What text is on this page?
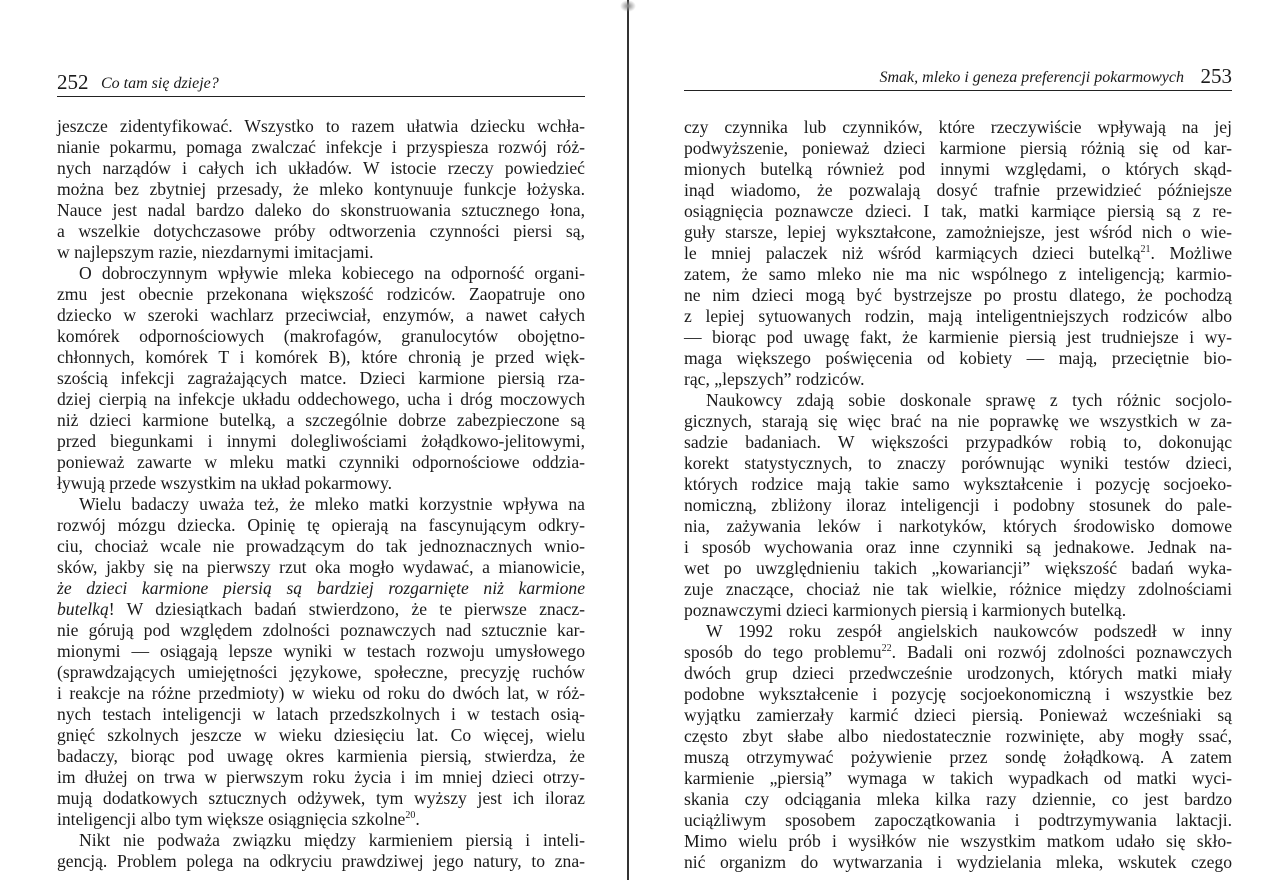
252 Co tam się dzieje?
jeszcze zidentyfikować. Wszystko to razem ułatwia dziecku wchła-
nianie pokarmu, pomaga zwalczać infekcje i przyspiesza rozwój róż-
nych narządów i całych ich układów. W istocie rzeczy powiedzieć
można bez zbytniej przesady, że mleko kontynuuje funkcje łożyska.
Nauce jest nadal bardzo daleko do skonstruowania sztucznego łona,
a wszelkie dotychczasowe próby odtworzenia czynności piersi są,
w najlepszym razie, niezdarnymi imitacjami.
O dobroczynnym wpływie mleka kobiecego na odporność organi-
zmu jest obecnie przekonana większość rodziców. Zaopatruje ono
dziecko w szeroki wachlarz przeciwciał, enzymów, a nawet całych
komórek odpornościowych (makrofagów, granulocytów obojętno-
chłonnych, komórek T i komórek B), które chronią je przed więk-
szością infekcji zagrażających matce. Dzieci karmione piersią rza-
dziej cierpią na infekcje układu oddechowego, ucha i dróg moczowych
niż dzieci karmione butelką, a szczególnie dobrze zabezpieczone są
przed biegunkami i innymi dolegliwościami żołądkowo-jelitowymi,
ponieważ zawarte w mleku matki czynniki odpornościowe oddzia-
ływują przede wszystkim na układ pokarmowy.
Wielu badaczy uważa też, że mleko matki korzystnie wpływa na
rozwój mózgu dziecka. Opinię tę opierają na fascynującym odkry-
ciu, chociaż wcale nie prowadzącym do tak jednoznacznych wnio-
sków, jakby się na pierwszy rzut oka mogło wydawać, a mianowicie,
że dzieci karmione piersią są bardziej rozgarnięte niż karmione
butelką! W dziesiątkach badań stwierdzono, że te pierwsze znacz-
nie górują pod względem zdolności poznawczych nad sztucznie kar-
mionymi — osiągają lepsze wyniki w testach rozwoju umysłowego
(sprawdzających umiejętności językowe, społeczne, precyzję ruchów
i reakcje na różne przedmioty) w wieku od roku do dwóch lat, w róż-
nych testach inteligencji w latach przedszkolnych i w testach osią-
gnięć szkolnych jeszcze w wieku dziesięciu lat. Co więcej, wielu
badaczy, biorąc pod uwagę okres karmienia piersią, stwierdza, że
im dłużej on trwa w pierwszym roku życia i im mniej dzieci otrzy-
mują dodatkowych sztucznych odżywek, tym wyższy jest ich iloraz
inteligencji albo tym większe osiągnięcia szkolne$^{20}$.
Nikt nie podważa związku między karmieniem piersią i inteli-
gencją. Problem polega na odkryciu prawdziwej jego natury, to zna-
Smak, mleko i geneza preferencji pokarmowych 253
czy czynnika lub czynników, które rzeczywiście wpływają na jej
podwyższenie, ponieważ dzieci karmione piersią różnią się od kar-
mionych butelką również pod innymi względami, o których skąd-
inąd wiadomo, że pozwalają dosyć trafnie przewidzieć późniejsze
osiągnięcia poznawcze dzieci. I tak, matki karmiące piersią są z re-
guły starsze, lepiej wykształcone, zamożniejsze, jest wśród nich o wie-
le mniej palaczek niż wśród karmiących dzieci butelką$^{21}$. Możliwe
zatem, że samo mleko nie ma nic wspólnego z inteligencją; karmio-
ne nim dzieci mogą być bystrzejsze po prostu dlatego, że pochodzą
z lepiej sytuowanych rodzin, mają inteligentniejszych rodziców albo
— biorąc pod uwagę fakt, że karmienie piersią jest trudniejsze i wy-
maga większego poświęcenia od kobiety — mają, przeciętnie bio-
rąc, „lepszych” rodziców.
Naukowcy zdają sobie doskonale sprawę z tych różnic socjolo-
gicznych, starają się więc brać na nie poprawkę we wszystkich w za-
sadzie badaniach. W większości przypadków robią to, dokonując
korekt statystycznych, to znaczy porównując wyniki testów dzieci,
których rodzice mają takie samo wykształcenie i pozycję socjoeko-
nomiczną, zbliżony iloraz inteligencji i podobny stosunek do pale-
nia, zażywania leków i narkotyków, których środowisko domowe
i sposób wychowania oraz inne czynniki są jednakowe. Jednak na-
wet po uwzględnieniu takich „kowariancji” większość badań wyka-
zuje znaczące, chociaż nie tak wielkie, różnice między zdolnościami
poznawczymi dzieci karmionych piersią i karmionych butelką.
W 1992 roku zespół angielskich naukowców podszedł w inny
sposób do tego problemu$^{22}$. Badali oni rozwój zdolności poznawczych
dwóch grup dzieci przedwcześnie urodzonych, których matki miały
podobne wykształcenie i pozycję socjoekonomiczną i wszystkie bez
wyjątku zamierzały karmić dzieci piersią. Ponieważ wcześniaki są
często zbyt słabe albo niedostatecznie rozwinięte, aby mogły ssać,
muszą otrzymywać pożywienie przez sondę żołądkową. A zatem
karmienie „piersią” wymaga w takich wypadkach od matki wyci-
skania czy odciągania mleka kilka razy dziennie, co jest bardzo
uciążliwym sposobem zapoczątkowania i podtrzymywania laktacji.
Mimo wielu prób i wysiłków nie wszystkim matkom udało się skło-
nić organizm do wytwarzania i wydzielania mleka, wskutek czego
